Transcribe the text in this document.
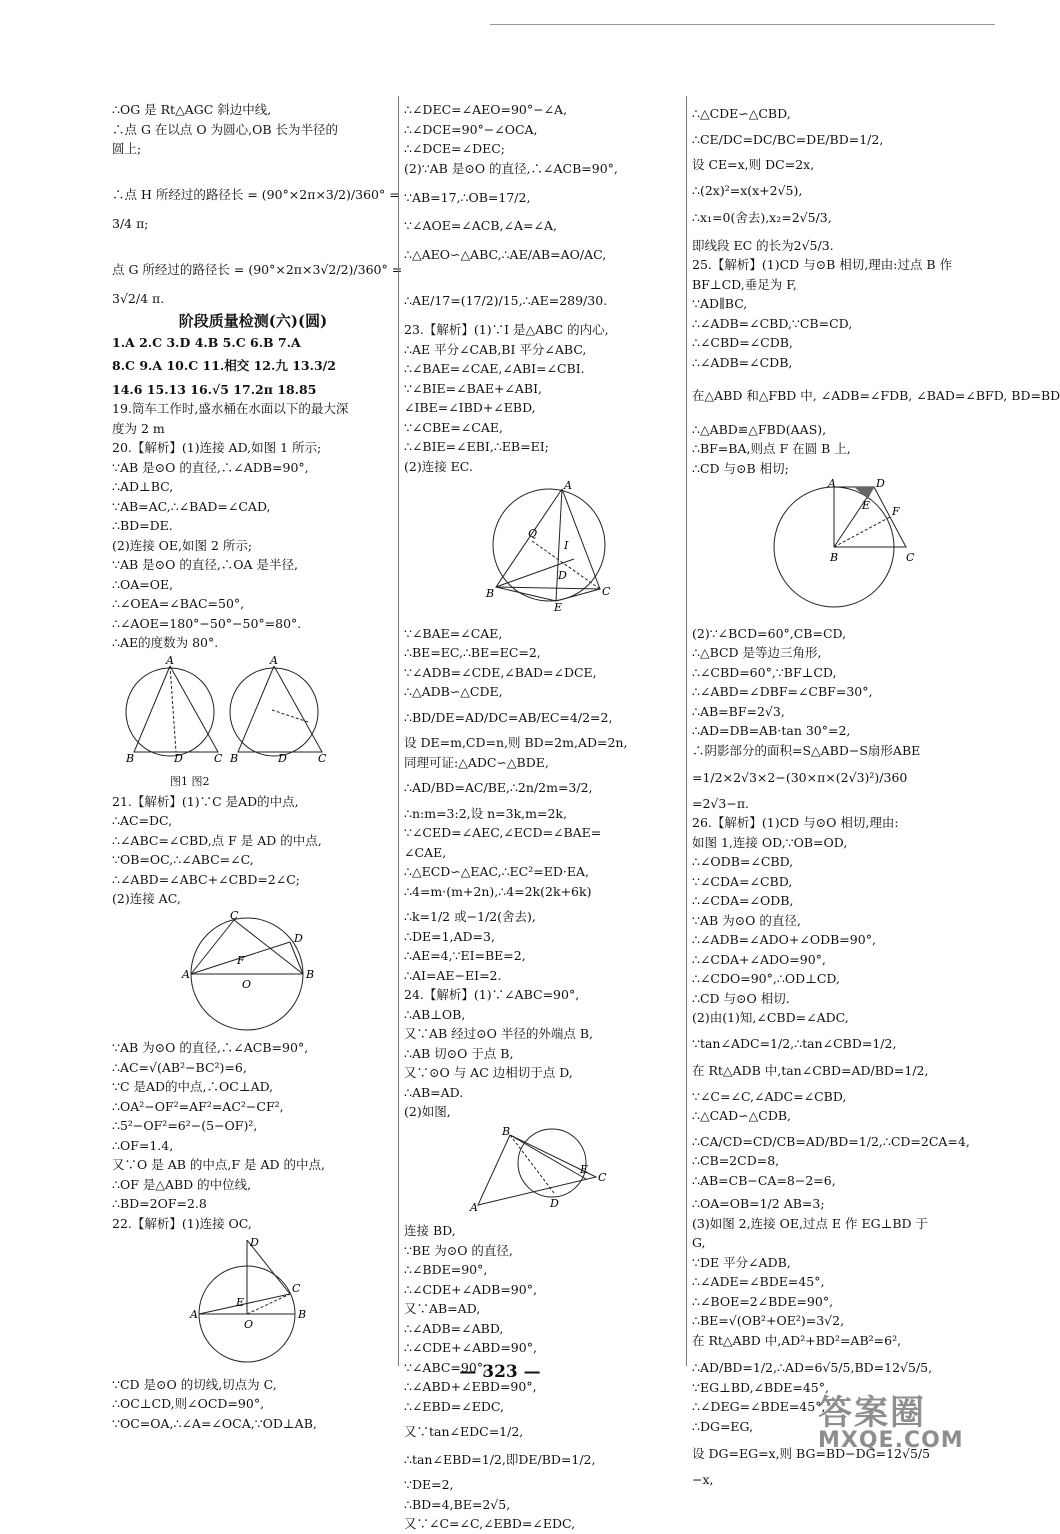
∴OG 是 Rt△AGC 斜边中线,
∴点 G 在以点 O 为圆心,OB 长为半径的
圆上;
∴点 H 所经过的路径长 = (90°×2π×3/2)/360° =
3/4 π;
点 G 所经过的路径长 = (90°×2π×3√2/2)/360° =
3√2/4 π.
阶段质量检测(六)(圆)
1.A 2.C 3.D 4.B 5.C 6.B 7.A
8.C 9.A 10.C 11.相交 12.九 13.3/2
14.6 15.13 16.√5 17.2π 18.85
19.筒车工作时,盛水桶在水面以下的最大深
度为 2 m
20.【解析】(1)连接 AD,如图 1 所示;
∵AB 是⊙O 的直径,∴∠ADB=90°,
∴AD⊥BC,
∵AB=AC,∴∠BAD=∠CAD,
∴BD=DE.
(2)连接 OE,如图 2 所示;
∵AB 是⊙O 的直径,∴OA 是半径,
∴OA=OE,
∴∠OEA=∠BAC=50°,
∴∠AOE=180°−50°−50°=80°.
∴AE的度数为 80°.
A
B	D	C
A
B	D	C
图1 图2
21.【解析】(1)∵C 是AD的中点,
∴AC=DC,
∴∠ABC=∠CBD,点 F 是 AD 的中点,
∵OB=OC,∴∠ABC=∠C,
∴∠ABD=∠ABC+∠CBD=2∠C;
(2)连接 AC,
C
D
A	B
F
O
∵AB 为⊙O 的直径,∴∠ACB=90°,
∴AC=√(AB²−BC²)=6,
∵C 是AD的中点,∴OC⊥AD,
∴OA²−OF²=AF²=AC²−CF²,
∴5²−OF²=6²−(5−OF)²,
∴OF=1.4,
又∵O 是 AB 的中点,F 是 AD 的中点,
∴OF 是△ABD 的中位线,
∴BD=2OF=2.8
22.【解析】(1)连接 OC,
D
A	B
O
E
C
∵CD 是⊙O 的切线,切点为 C,
∴OC⊥CD,则∠OCD=90°,
∵OC=OA,∴∠A=∠OCA,∵OD⊥AB,
∴∠DEC=∠AEO=90°−∠A,
∴∠DCE=90°−∠OCA,
∴∠DCE=∠DEC;
(2)∵AB 是⊙O 的直径,∴∠ACB=90°,
∵AB=17,∴OB=17/2,
∵∠AOE=∠ACB,∠A=∠A,
∴△AEO∽△ABC,∴AE/AB=AO/AC,
∴AE/17=(17/2)/15,∴AE=289/30.
23.【解析】(1)∵I 是△ABC 的内心,
∴AE 平分∠CAB,BI 平分∠ABC,
∴∠BAE=∠CAE,∠ABI=∠CBI.
∵∠BIE=∠BAE+∠ABI,
∠IBE=∠IBD+∠EBD,
∵∠CBE=∠CAE,
∴∠BIE=∠EBI,∴EB=EI;
(2)连接 EC.
A
B	C
E
D
Q
I
∵∠BAE=∠CAE,
∴BE=EC,∴BE=EC=2,
∵∠ADB=∠CDE,∠BAD=∠DCE,
∴△ADB∽△CDE,
∴BD/DE=AD/DC=AB/EC=4/2=2,
设 DE=m,CD=n,则 BD=2m,AD=2n,
同理可证:△ADC∽△BDE,
∴AD/BD=AC/BE,∴2n/2m=3/2,
∴n:m=3:2,设 n=3k,m=2k,
∵∠CED=∠AEC,∠ECD=∠BAE=
∠CAE,
∴△ECD∽△EAC,∴EC²=ED·EA,
∴4=m·(m+2n),∴4=2k(2k+6k)
∴k=1/2 或−1/2(舍去),
∴DE=1,AD=3,
∴AE=4,∵EI=BE=2,
∴AI=AE−EI=2.
24.【解析】(1)∵∠ABC=90°,
∴AB⊥OB,
又∵AB 经过⊙O 半径的外端点 B,
∴AB 切⊙O 于点 B,
又∵⊙O 与 AC 边相切于点 D,
∴AB=AD.
(2)如图,
B
A
C
E
D
连接 BD,
∵BE 为⊙O 的直径,
∴∠BDE=90°,
∴∠CDE+∠ADB=90°,
又∵AB=AD,
∴∠ADB=∠ABD,
∴∠CDE+∠ABD=90°,
∵∠ABC=90°,
∴∠ABD+∠EBD=90°,
∴∠EBD=∠EDC,
又∵tan∠EDC=1/2,
∴tan∠EBD=1/2,即DE/BD=1/2,
∵DE=2,
∴BD=4,BE=2√5,
又∵∠C=∠C,∠EBD=∠EDC,
∴△CDE∽△CBD,
∴CE/DC=DC/BC=DE/BD=1/2,
设 CE=x,则 DC=2x,
∴(2x)²=x(x+2√5),
∴x₁=0(舍去),x₂=2√5/3,
即线段 EC 的长为2√5/3.
25.【解析】(1)CD 与⊙B 相切,理由:过点 B 作
BF⊥CD,垂足为 F,
∵AD∥BC,
∴∠ADB=∠CBD,∵CB=CD,
∴∠CBD=∠CDB,
∴∠ADB=∠CDB,
在△ABD 和△FBD 中, ∠ADB=∠FDB, ∠BAD=∠BFD, BD=BD
∴△ABD≌△FBD(AAS),
∴BF=BA,则点 F 在圆 B 上,
∴CD 与⊙B 相切;
A	D
F
E
B	C
(2)∵∠BCD=60°,CB=CD,
∴△BCD 是等边三角形,
∴∠CBD=60°,∵BF⊥CD,
∴∠ABD=∠DBF=∠CBF=30°,
∴AB=BF=2√3,
∴AD=DB=AB·tan 30°=2,
∴阴影部分的面积=S△ABD−S扇形ABE
=1/2×2√3×2−(30×π×(2√3)²)/360
=2√3−π.
26.【解析】(1)CD 与⊙O 相切,理由:
如图 1,连接 OD,∵OB=OD,
∴∠ODB=∠CBD,
∵∠CDA=∠CBD,
∴∠CDA=∠ODB,
∵AB 为⊙O 的直径,
∴∠ADB=∠ADO+∠ODB=90°,
∴∠CDA+∠ADO=90°,
∴∠CDO=90°,∴OD⊥CD,
∴CD 与⊙O 相切.
(2)由(1)知,∠CBD=∠ADC,
∵tan∠ADC=1/2,∴tan∠CBD=1/2,
在 Rt△ADB 中,tan∠CBD=AD/BD=1/2,
∵∠C=∠C,∠ADC=∠CBD,
∴△CAD∽△CDB,
∴CA/CD=CD/CB=AD/BD=1/2,∴CD=2CA=4,
∴CB=2CD=8,
∴AB=CB−CA=8−2=6,
∴OA=OB=1/2 AB=3;
(3)如图 2,连接 OE,过点 E 作 EG⊥BD 于
G,
∵DE 平分∠ADB,
∴∠ADE=∠BDE=45°,
∴∠BOE=2∠BDE=90°,
∴BE=√(OB²+OE²)=3√2,
在 Rt△ABD 中,AD²+BD²=AB²=6²,
∴AD/BD=1/2,∴AD=6√5/5,BD=12√5/5,
∵EG⊥BD,∠BDE=45°,
∴∠DEG=∠BDE=45°,
∴DG=EG,
设 DG=EG=x,则 BG=BD−DG=12√5/5
−x,
— 323 —
答案圈
MXQE.COM
